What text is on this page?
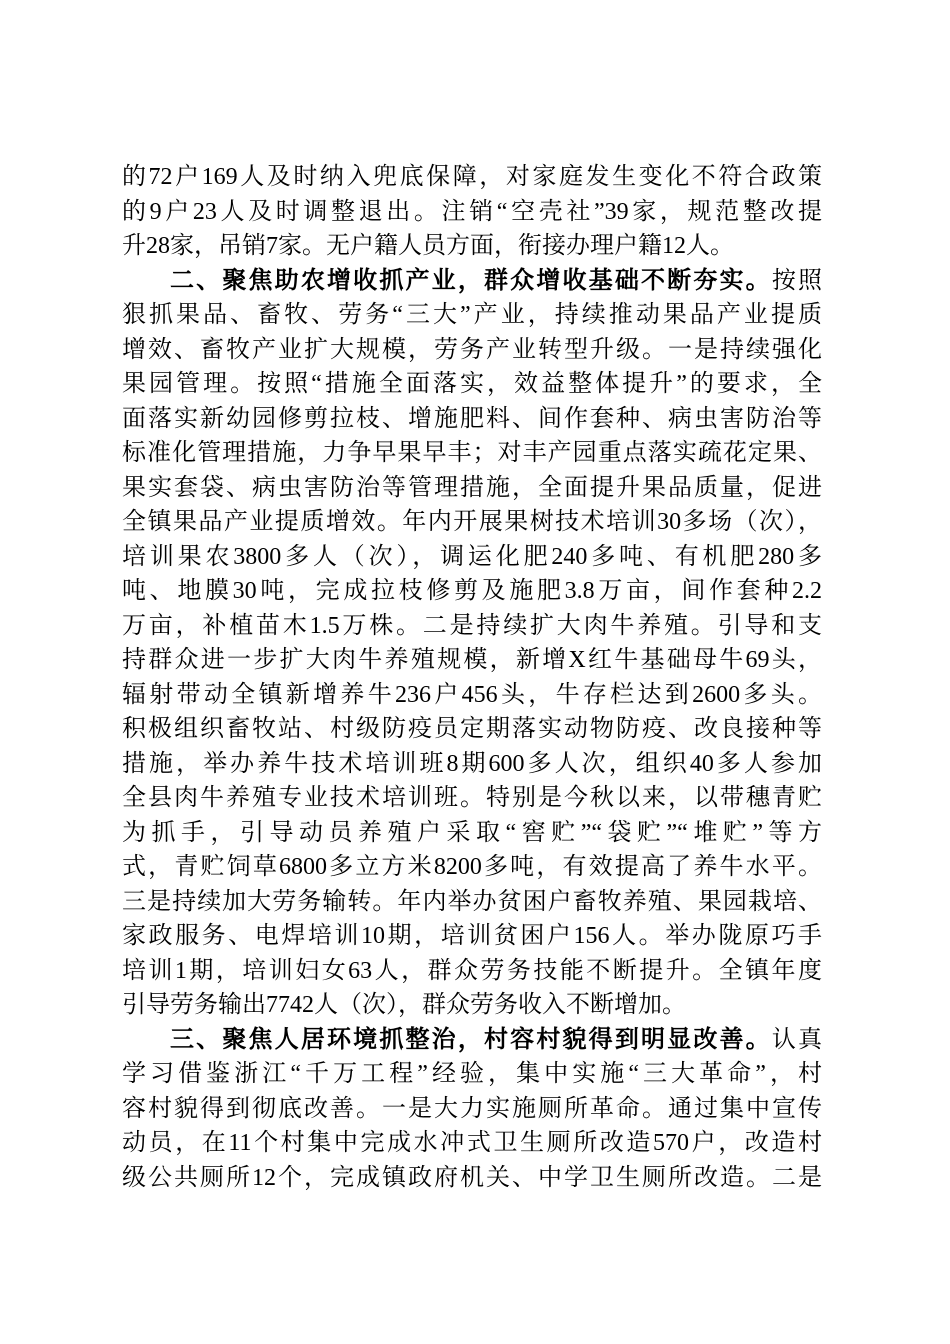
的72户169人及时纳入兜底保障，对家庭发生变化不符合政策
的9户23人及时调整退出。注销“空壳社”39家，规范整改提
升28家，吊销7家。无户籍人员方面，衔接办理户籍12人。
二、聚焦助农增收抓产业，群众增收基础不断夯实。按照
狠抓果品、畜牧、劳务“三大”产业，持续推动果品产业提质
增效、畜牧产业扩大规模，劳务产业转型升级。一是持续强化
果园管理。按照“措施全面落实，效益整体提升”的要求，全
面落实新幼园修剪拉枝、增施肥料、间作套种、病虫害防治等
标准化管理措施，力争早果早丰；对丰产园重点落实疏花定果、
果实套袋、病虫害防治等管理措施，全面提升果品质量，促进
全镇果品产业提质增效。年内开展果树技术培训30多场（次），
培训果农3800多人（次），调运化肥240多吨、有机肥280多
吨、地膜30吨，完成拉枝修剪及施肥3.8万亩，间作套种2.2
万亩，补植苗木1.5万株。二是持续扩大肉牛养殖。引导和支
持群众进一步扩大肉牛养殖规模，新增X红牛基础母牛69头，
辐射带动全镇新增养牛236户456头，牛存栏达到2600多头。
积极组织畜牧站、村级防疫员定期落实动物防疫、改良接种等
措施，举办养牛技术培训班8期600多人次，组织40多人参加
全县肉牛养殖专业技术培训班。特别是今秋以来，以带穗青贮
为抓手，引导动员养殖户采取“窖贮”“袋贮”“堆贮”等方
式，青贮饲草6800多立方米8200多吨，有效提高了养牛水平。
三是持续加大劳务输转。年内举办贫困户畜牧养殖、果园栽培、
家政服务、电焊培训10期，培训贫困户156人。举办陇原巧手
培训1期，培训妇女63人，群众劳务技能不断提升。全镇年度
引导劳务输出7742人（次），群众劳务收入不断增加。
三、聚焦人居环境抓整治，村容村貌得到明显改善。认真
学习借鉴浙江“千万工程”经验，集中实施“三大革命”，村
容村貌得到彻底改善。一是大力实施厕所革命。通过集中宣传
动员，在11个村集中完成水冲式卫生厕所改造570户，改造村
级公共厕所12个，完成镇政府机关、中学卫生厕所改造。二是
